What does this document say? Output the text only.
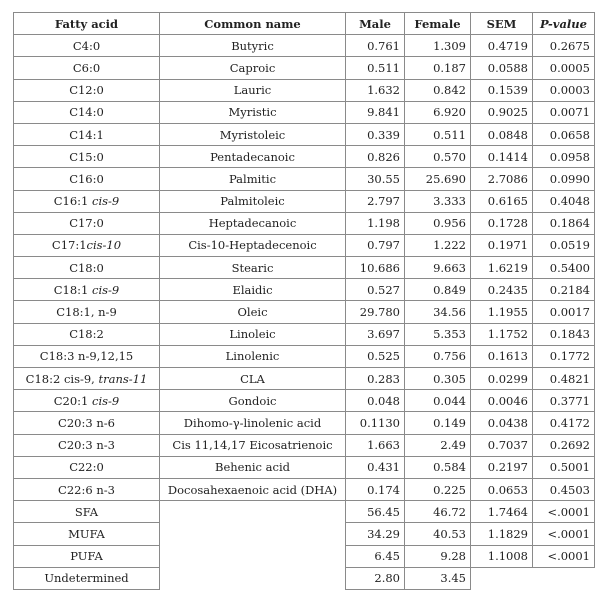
Fatty acid	Common name	Male	Female	SEM	P-value
C4:0	Butyric	0.761	1.309	0.4719	0.2675
C6:0	Caproic	0.511	0.187	0.0588	0.0005
C12:0	Lauric	1.632	0.842	0.1539	0.0003
C14:0	Myristic	9.841	6.920	0.9025	0.0071
C14:1	Myristoleic	0.339	0.511	0.0848	0.0658
C15:0	Pentadecanoic	0.826	0.570	0.1414	0.0958
C16:0	Palmitic	30.55	25.690	2.7086	0.0990
C16:1 cis-9	Palmitoleic	2.797	3.333	0.6165	0.4048
C17:0	Heptadecanoic	1.198	0.956	0.1728	0.1864
C17:1cis-10	Cis-10-Heptadecenoic	0.797	1.222	0.1971	0.0519
C18:0	Stearic	10.686	9.663	1.6219	0.5400
C18:1 cis-9	Elaidic	0.527	0.849	0.2435	0.2184
C18:1, n-9	Oleic	29.780	34.56	1.1955	0.0017
C18:2	Linoleic	3.697	5.353	1.1752	0.1843
C18:3 n-9,12,15	Linolenic	0.525	0.756	0.1613	0.1772
C18:2 cis-9, trans-11	CLA	0.283	0.305	0.0299	0.4821
C20:1 cis-9	Gondoic	0.048	0.044	0.0046	0.3771
C20:3 n-6	Dihomo-γ-linolenic acid	0.1130	0.149	0.0438	0.4172
C20:3 n-3	Cis 11,14,17 Eicosatrienoic	1.663	2.49	0.7037	0.2692
C22:0	Behenic acid	0.431	0.584	0.2197	0.5001
C22:6 n-3	Docosahexaenoic acid (DHA)	0.174	0.225	0.0653	0.4503
SFA		56.45	46.72	1.7464	<.0001
MUFA		34.29	40.53	1.1829	<.0001
PUFA		6.45	9.28	1.1008	<.0001
Undetermined		2.80	3.45		
